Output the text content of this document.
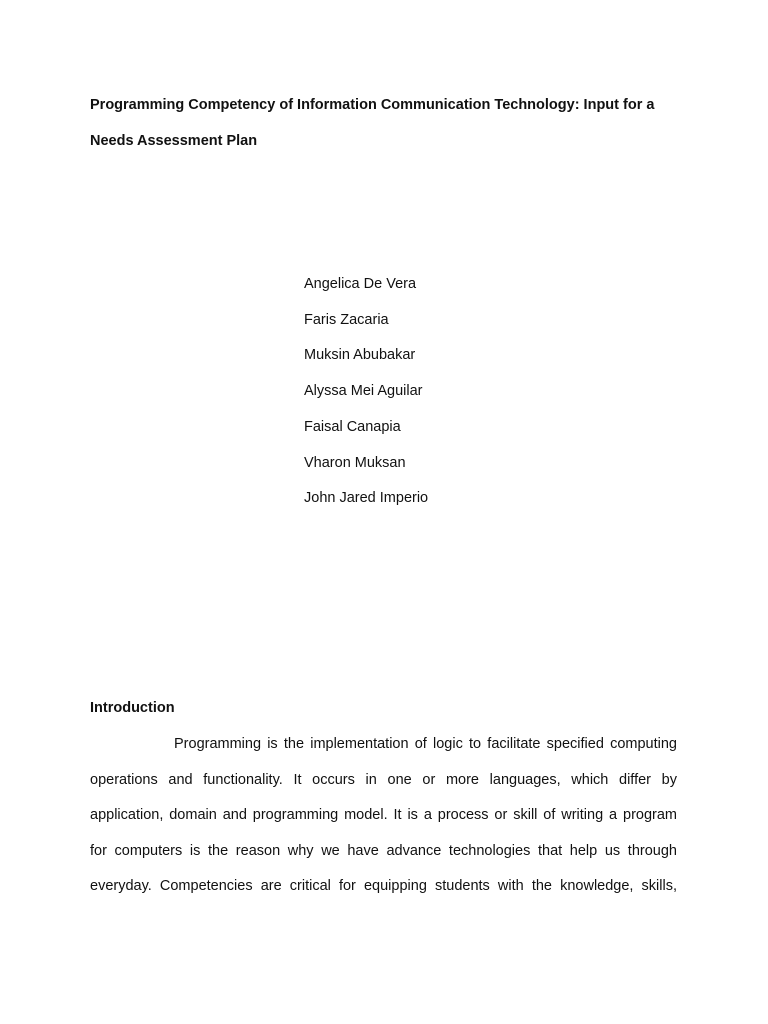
Programming Competency of Information Communication Technology: Input for a
Needs Assessment Plan
Angelica De Vera
Faris Zacaria
Muksin Abubakar
Alyssa Mei Aguilar
Faisal Canapia
Vharon Muksan
John Jared Imperio
Introduction
Programming is the implementation of logic to facilitate specified computing
operations and functionality. It occurs in one or more languages, which differ by
application, domain and programming model. It is a process or skill of writing a program
for computers is the reason why we have advance technologies that help us through
everyday. Competencies are critical for equipping students with the knowledge, skills,
